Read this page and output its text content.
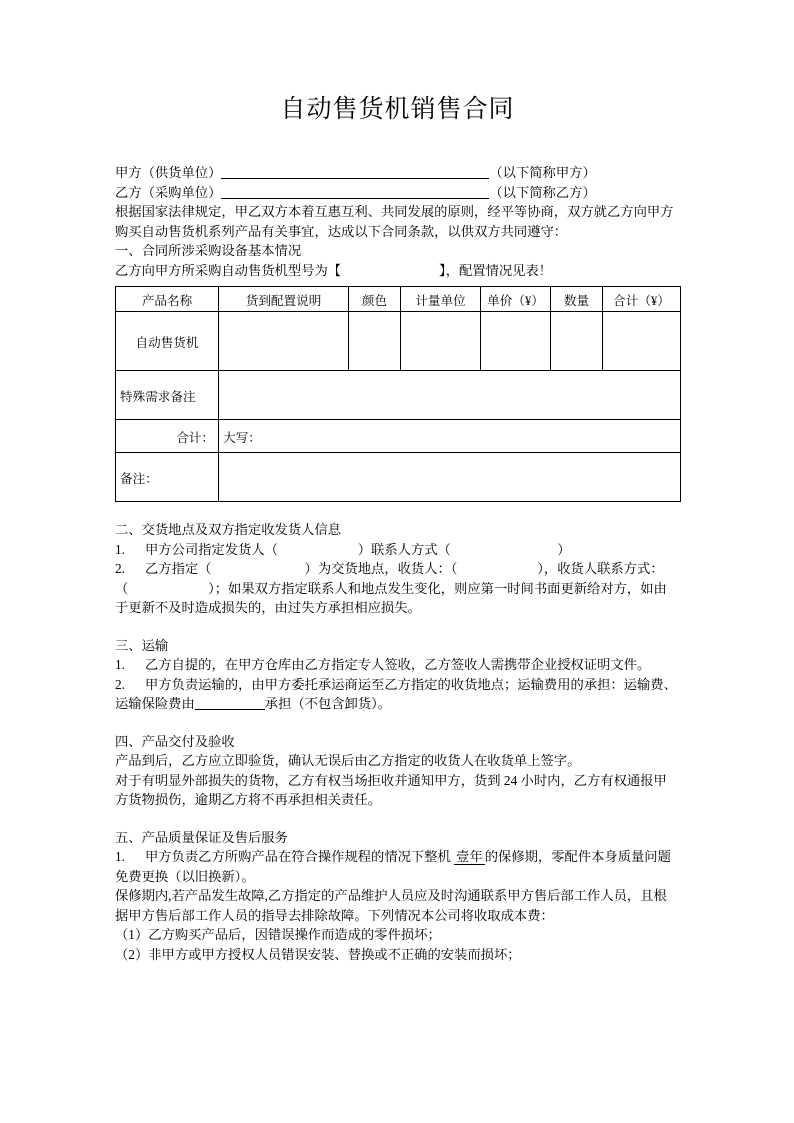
自动售货机销售合同
甲方（供货单位）	（以下简称甲方）
乙方（采购单位）	（以下简称乙方）
根据国家法律规定，甲乙双方本着互惠互利、共同发展的原则，经平等协商，双方就乙方向甲方购买自动售货机系列产品有关事宜，达成以下合同条款，以供双方共同遵守：
一、合同所涉采购设备基本情况
乙方向甲方所采购自动售货机型号为【	】，配置情况见表！
产品名称	货到配置说明	颜色	计量单位	单价（¥）	数量	合计（¥）
自动售货机						
特殊需求备注						
合计：	大写：					
备注：						
二、交货地点及双方指定收发货人信息
1. 甲方公司指定发货人（　　　　　　）联系人方式（　　　　　　　　）
2. 乙方指定（　　　　　　　）为交货地点，收货人：（　　　　　　），收货人联系方式：
（　　　　　　）；如果双方指定联系人和地点发生变化，则应第一时间书面更新给对方，如由于更新不及时造成损失的，由过失方承担相应损失。
三、运输
1. 乙方自提的，在甲方仓库由乙方指定专人签收，乙方签收人需携带企业授权证明文件。
2. 甲方负责运输的，由甲方委托承运商运至乙方指定的收货地点；运输费用的承担：运输费、运输保险费由	承担（不包含卸货）。
四、产品交付及验收
产品到后，乙方应立即验货，确认无误后由乙方指定的收货人在收货单上签字。
对于有明显外部损失的货物，乙方有权当场拒收并通知甲方，货到 24 小时内，乙方有权通报甲方货物损伤，逾期乙方将不再承担相关责任。
五、产品质量保证及售后服务
1. 甲方负责乙方所购产品在符合操作规程的情况下整机 壹年 的保修期，零配件本身质量问题免费更换（以旧换新）。
保修期内,若产品发生故障,乙方指定的产品维护人员应及时沟通联系甲方售后部工作人员，且根据甲方售后部工作人员的指导去排除故障。下列情况本公司将收取成本费：
（1）乙方购买产品后，因错误操作而造成的零件损坏；
（2）非甲方或甲方授权人员错误安装、替换或不正确的安装而损坏；
